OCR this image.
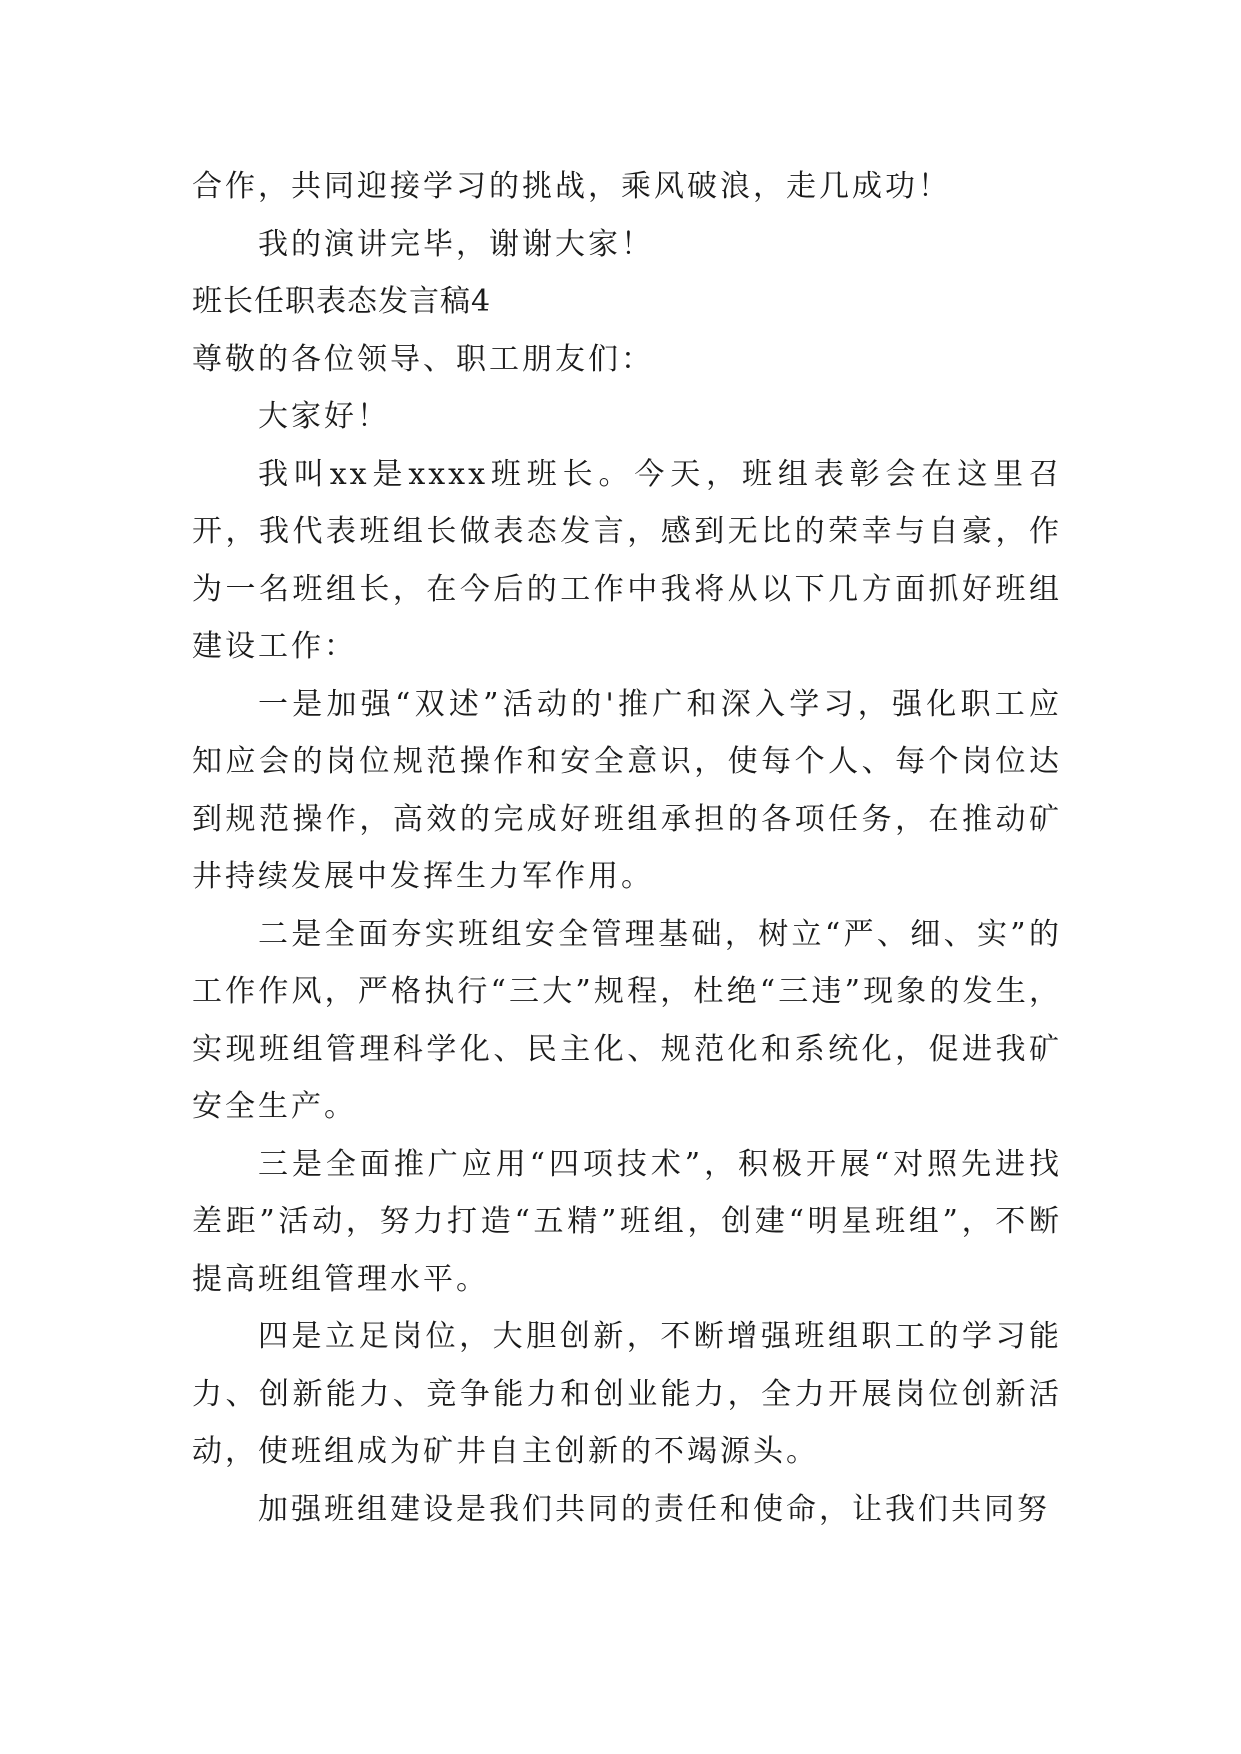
合作，共同迎接学习的挑战，乘风破浪，走几成功！

我的演讲完毕，谢谢大家！

班长任职表态发言稿4

尊敬的各位领导、职工朋友们：

大家好！

我叫xx是xxxx班班长。今天，班组表彰会在这里召开，我代表班组长做表态发言，感到无比的荣幸与自豪，作为一名班组长，在今后的工作中我将从以下几方面抓好班组建设工作：

一是加强“双述”活动的'推广和深入学习，强化职工应知应会的岗位规范操作和安全意识，使每个人、每个岗位达到规范操作，高效的完成好班组承担的各项任务，在推动矿井持续发展中发挥生力军作用。

二是全面夯实班组安全管理基础，树立“严、细、实”的工作作风，严格执行“三大”规程，杜绝“三违”现象的发生，实现班组管理科学化、民主化、规范化和系统化，促进我矿安全生产。

三是全面推广应用“四项技术”，积极开展“对照先进找差距”活动，努力打造“五精”班组，创建“明星班组”，不断提高班组管理水平。

四是立足岗位，大胆创新，不断增强班组职工的学习能力、创新能力、竞争能力和创业能力，全力开展岗位创新活动，使班组成为矿井自主创新的不竭源头。

加强班组建设是我们共同的责任和使命，让我们共同努
